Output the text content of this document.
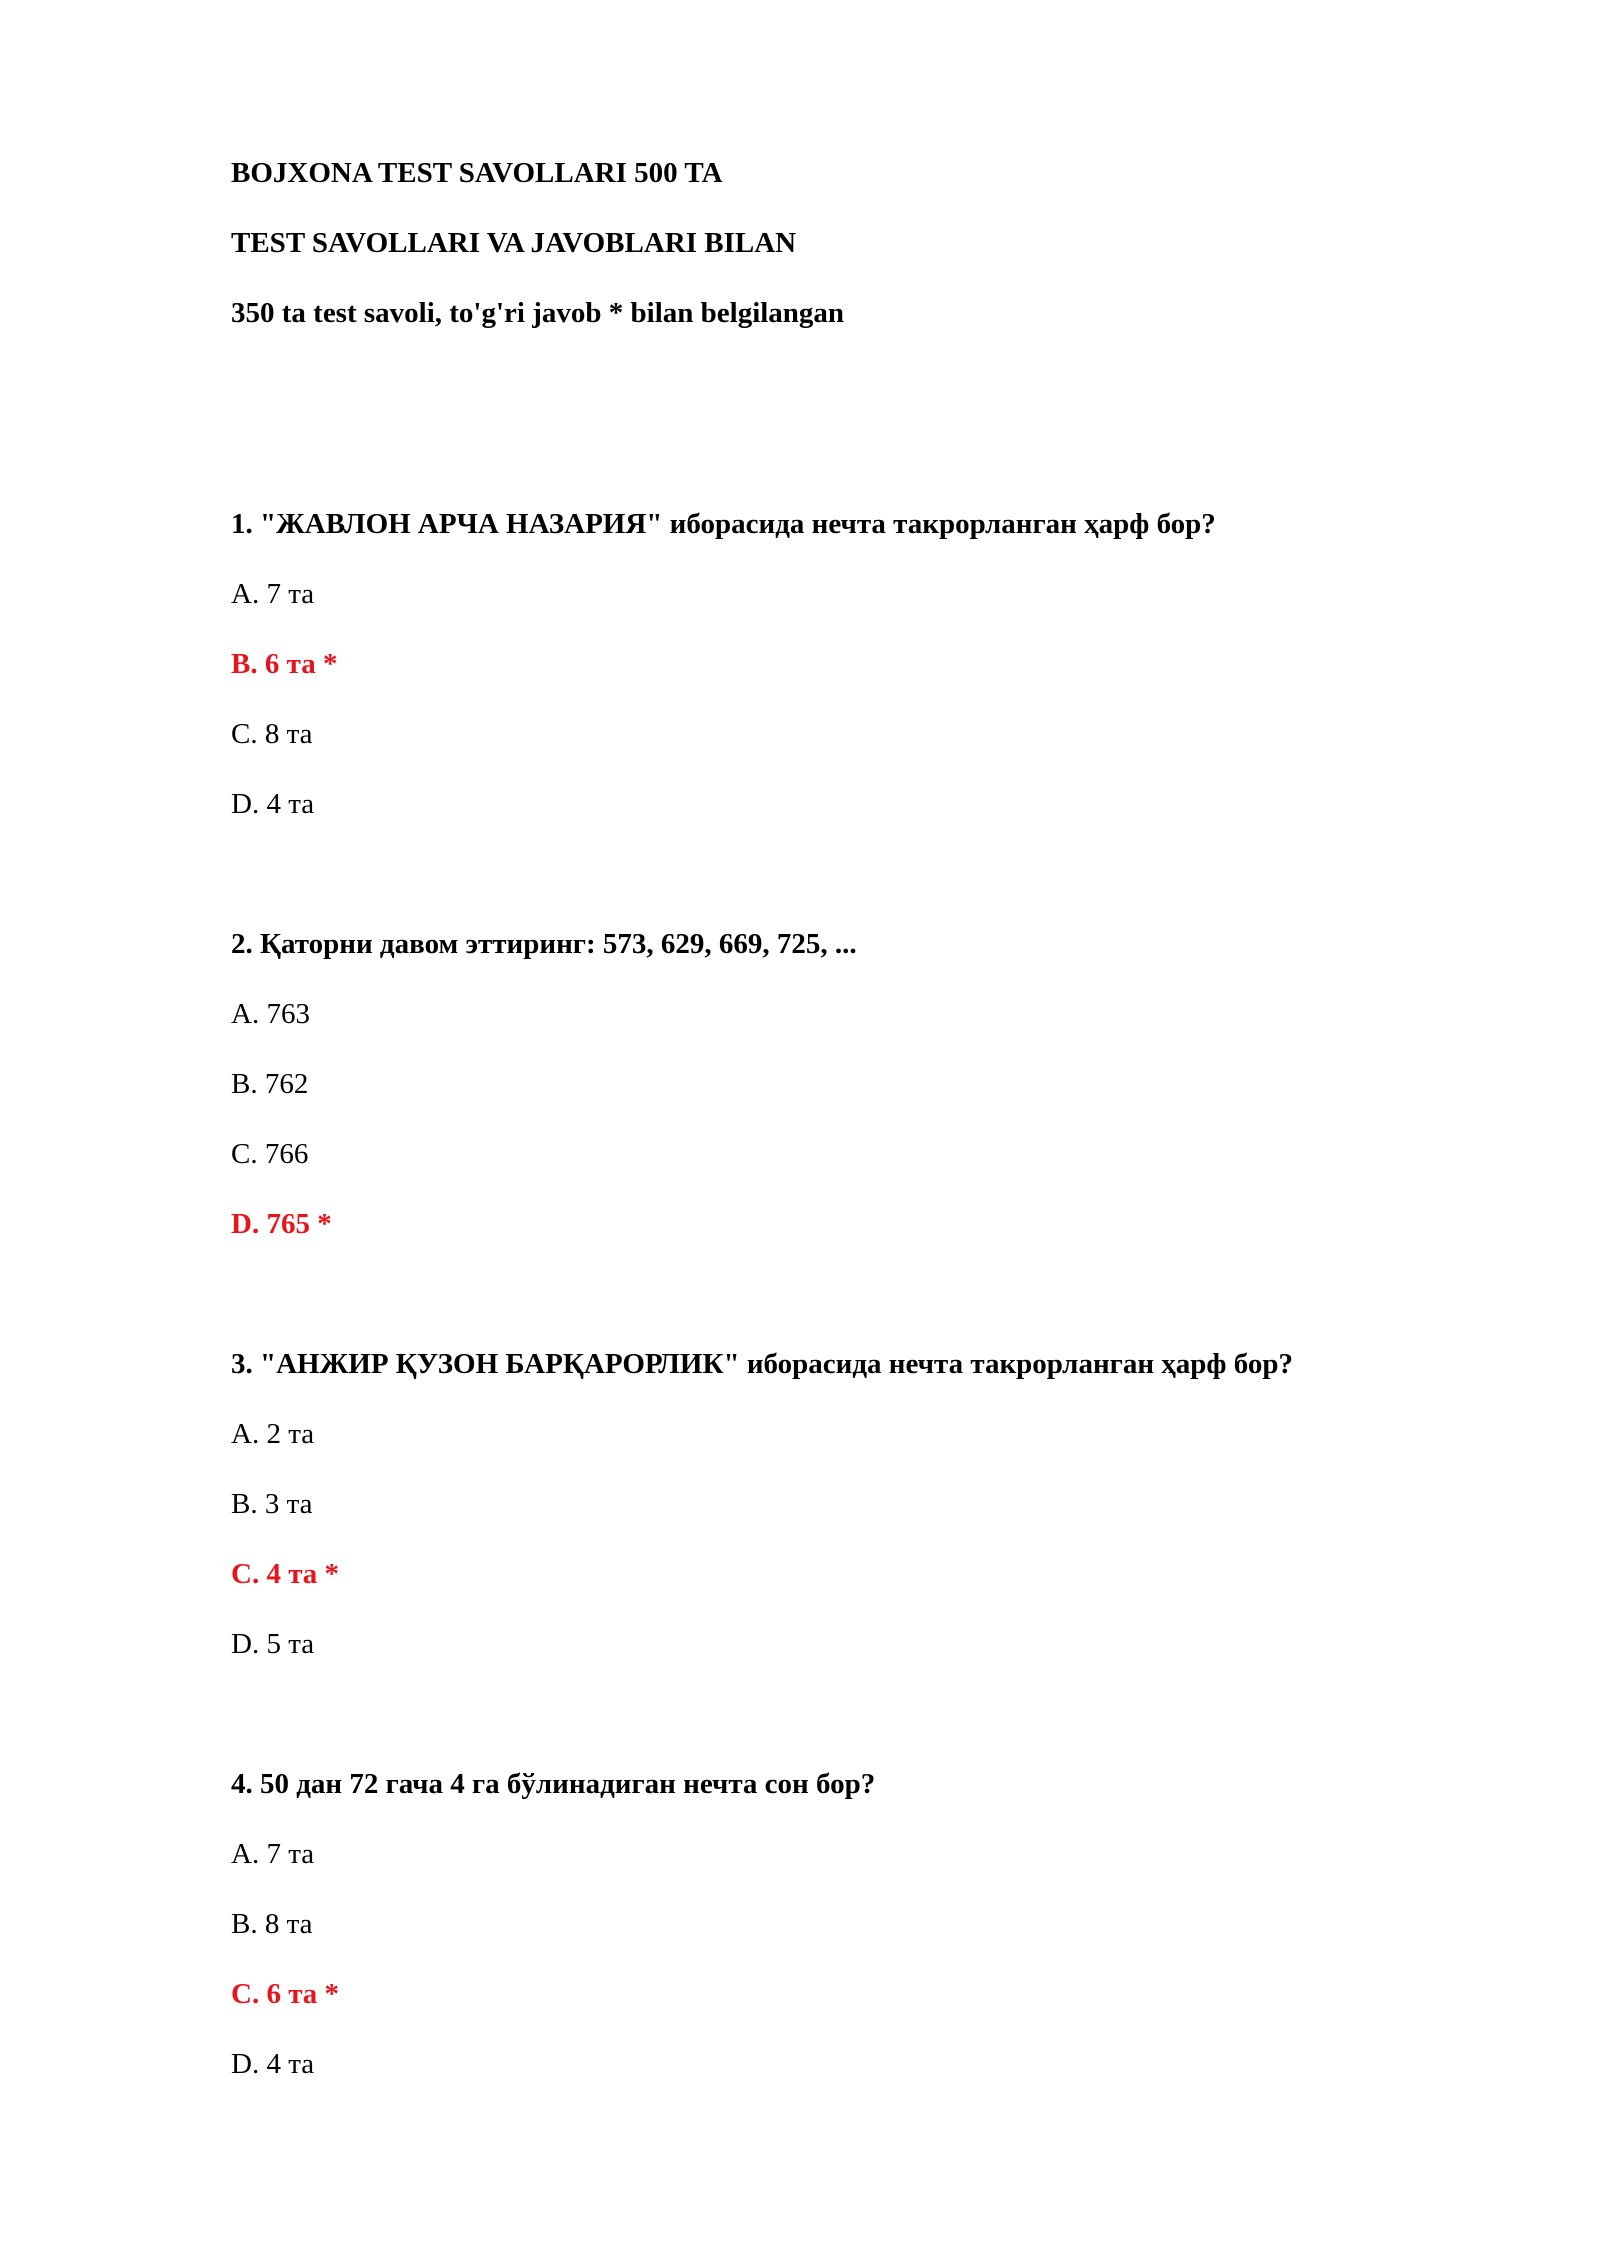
BOJXONA TEST SAVOLLARI 500 TA
TEST SAVOLLARI VA JAVOBLARI BILAN
350 ta test savoli, to'g'ri javob * bilan belgilangan
1. "ЖАВЛОН АРЧА НАЗАРИЯ" иборасида нечта такрорланган ҳарф бор?
A. 7 та
B. 6 та *
C. 8 та
D. 4 та
2. Қаторни давом эттиринг: 573, 629, 669, 725, ...
A. 763
B. 762
C. 766
D. 765 *
3. "АНЖИР ҚУЗОН БАРҚАРОРЛИК" иборасида нечта такрорланган ҳарф бор?
A. 2 та
B. 3 та
C. 4 та *
D. 5 та
4. 50 дан 72 гача 4 га бўлинадиган нечта сон бор?
A. 7 та
B. 8 та
C. 6 та *
D. 4 та
